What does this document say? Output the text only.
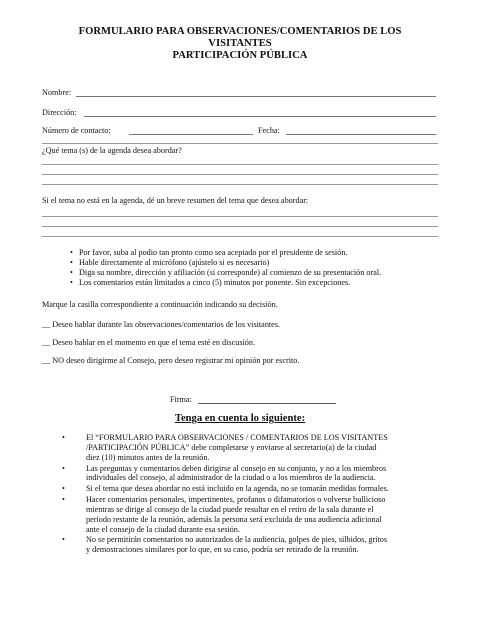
FORMULARIO PARA OBSERVACIONES/COMENTARIOS DE LOS
VISITANTES
PARTICIPACIÓN PÚBLICA
Nombre:
Dirección:
Número de contacto:	Fecha:
¿Qué tema (s) de la agenda desea abordar?
Si el tema no está en la agenda, dé un breve resumen del tema que desea abordar:
• Por favor, suba al podio tan pronto como sea aceptado por el presidente de sesión.
• Hable directamente al micrófono (ajústelo si es necesario)
• Diga su nombre, dirección y afiliación (si corresponde) al comienzo de su presentación oral.
• Los comentarios están limitados a cinco (5) minutos por ponente. Sin excepciones.
Marque la casilla correspondiente a continuación indicando su decisión.
__ Deseo hablar durante las observaciones/comentarios de los visitantes.
__ Deseo hablar en el momento en que el tema esté en discusión.
__ NO deseo dirigirme al Consejo, pero deseo registrar mi opinión por escrito.
Firma:
Tenga en cuenta lo siguiente:
•	El “FORMULARIO PARA OBSERVACIONES / COMENTARIOS DE LOS VISITANTES
/PARTICIPACIÓN PÚBLICA” debe completarse y enviarse al secretario(a) de la ciudad
diez (10) minutos antes de la reunión.
•	Las preguntas y comentarios deben dirigirse al consejo en su conjunto, y no a los miembros
individuales del consejo, al administrador de la ciudad o a los miembros de la audiencia.
•	Si el tema que desea abordar no está incluido en la agenda, no se tomarán medidas formales.
•	Hacer comentarios personales, impertinentes, profanos o difamatorios o volverse bullicioso
mientras se dirige al consejo de la ciudad puede resultar en el retiro de la sala durante el
periodo restante de la reunión, además la persona será excluida de una audiencia adicional
ante el consejo de la ciudad durante esa sesión.
•	No se permitirán comentarios no autorizados de la audiencia, golpes de pies, silbidos, gritos
y demostraciones similares por lo que, en su caso, podría ser retirado de la reunión.
